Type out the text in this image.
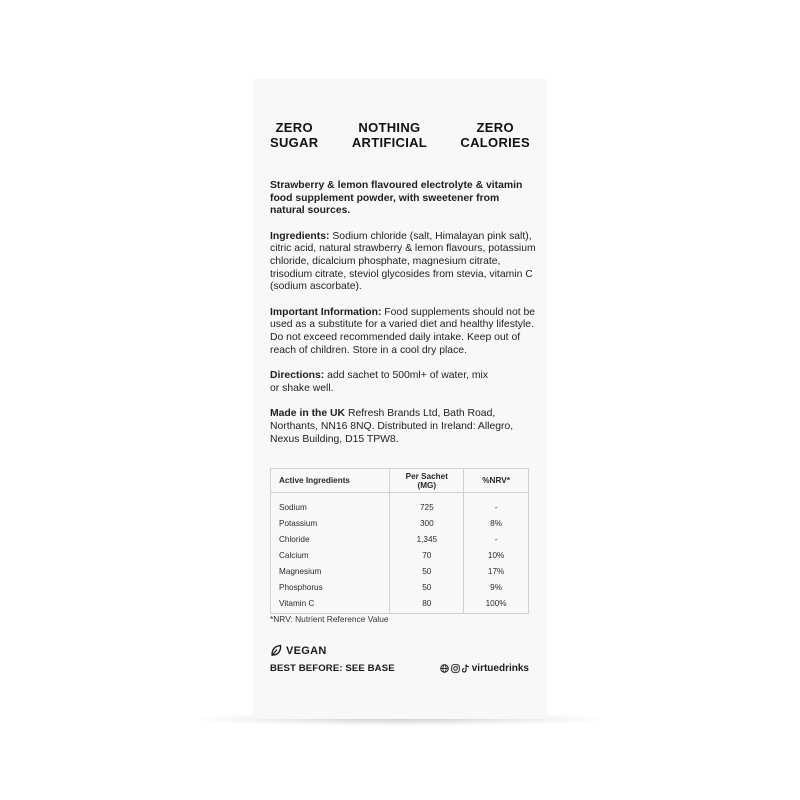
ZERO
SUGAR
NOTHING
ARTIFICIAL
ZERO
CALORIES

Strawberry & lemon flavoured electrolyte & vitamin food supplement powder, with sweetener from natural sources.

Ingredients: Sodium chloride (salt, Himalayan pink salt), citric acid, natural strawberry & lemon flavours, potassium chloride, dicalcium phosphate, magnesium citrate, trisodium citrate, steviol glycosides from stevia, vitamin C (sodium ascorbate).

Important Information: Food supplements should not be used as a substitute for a varied diet and healthy lifestyle. Do not exceed recommended daily intake. Keep out of reach of children. Store in a cool dry place.

Directions: add sachet to 500ml+ of water, mix or shake well.

Made in the UK Refresh Brands Ltd, Bath Road, Northants, NN16 8NQ. Distributed in Ireland: Allegro, Nexus Building, D15 TPW8.

Active Ingredients	Per Sachet (MG)	%NRV*
Sodium	725	-
Potassium	300	8%
Chloride	1,345	-
Calcium	70	10%
Magnesium	50	17%
Phosphorus	50	9%
Vitamin C	80	100%
*NRV: Nutrient Reference Value
VEGAN
BEST BEFORE: SEE BASE	virtuedrinks
